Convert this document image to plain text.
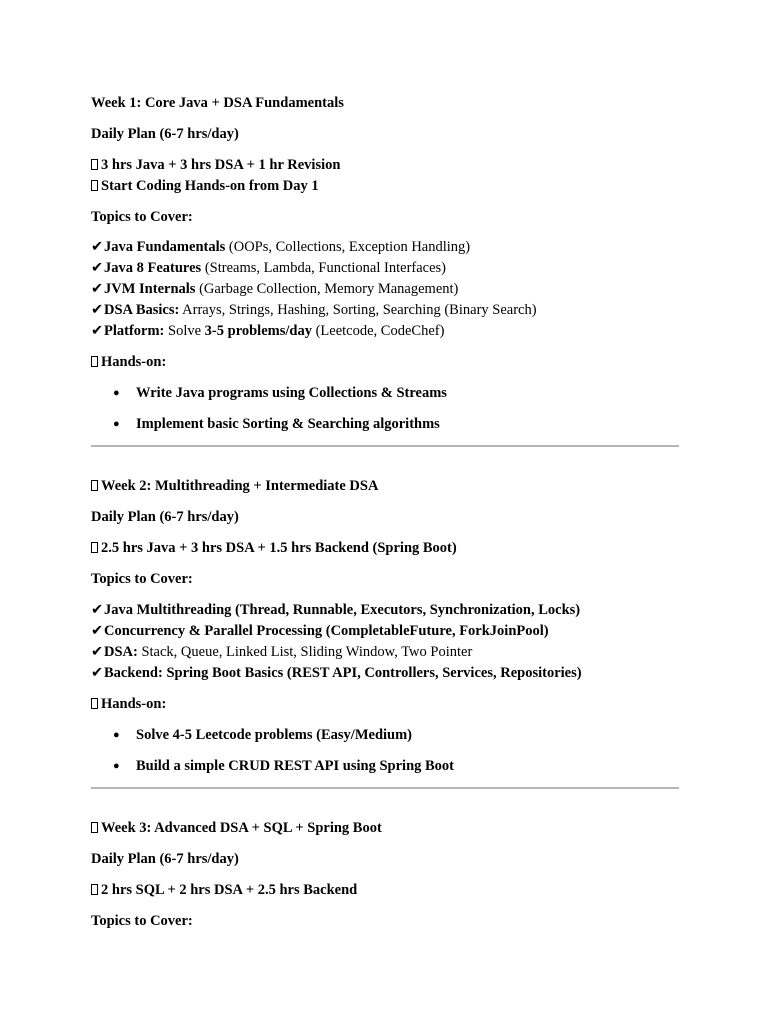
Week 1: Core Java + DSA Fundamentals
Daily Plan (6-7 hrs/day)
3 hrs Java + 3 hrs DSA + 1 hr Revision
Start Coding Hands-on from Day 1
Topics to Cover:
✔Java Fundamentals (OOPs, Collections, Exception Handling)
✔Java 8 Features (Streams, Lambda, Functional Interfaces)
✔JVM Internals (Garbage Collection, Memory Management)
✔DSA Basics: Arrays, Strings, Hashing, Sorting, Searching (Binary Search)
✔Platform: Solve 3-5 problems/day (Leetcode, CodeChef)
Hands-on:
● Write Java programs using Collections & Streams
● Implement basic Sorting & Searching algorithms
Week 2: Multithreading + Intermediate DSA
Daily Plan (6-7 hrs/day)
2.5 hrs Java + 3 hrs DSA + 1.5 hrs Backend (Spring Boot)
Topics to Cover:
✔Java Multithreading (Thread, Runnable, Executors, Synchronization, Locks)
✔Concurrency & Parallel Processing (CompletableFuture, ForkJoinPool)
✔DSA: Stack, Queue, Linked List, Sliding Window, Two Pointer
✔Backend: Spring Boot Basics (REST API, Controllers, Services, Repositories)
Hands-on:
● Solve 4-5 Leetcode problems (Easy/Medium)
● Build a simple CRUD REST API using Spring Boot
Week 3: Advanced DSA + SQL + Spring Boot
Daily Plan (6-7 hrs/day)
2 hrs SQL + 2 hrs DSA + 2.5 hrs Backend
Topics to Cover:
